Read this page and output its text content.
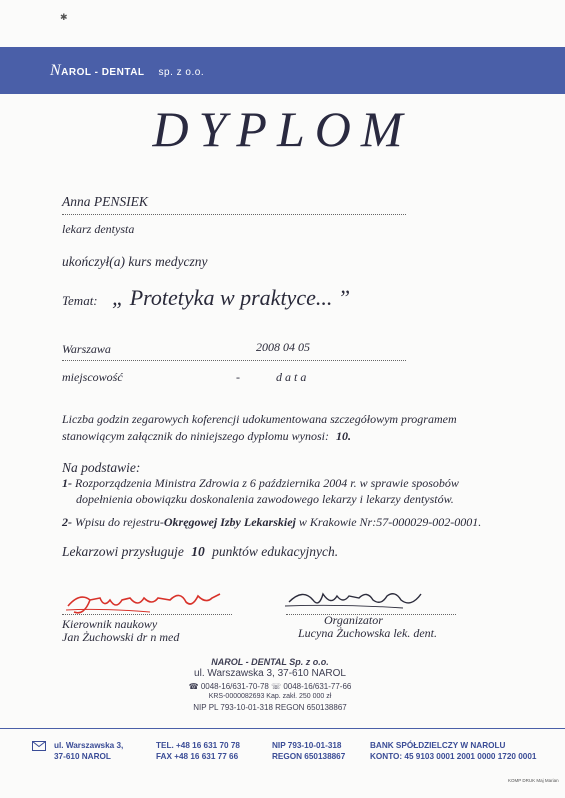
✱
NAROL - DENTAL sp. z o.o.
DYPLOM
Anna PENSIEK
lekarz dentysta
ukończył(a) kurs medyczny
Temat: „ Protetyka w praktyce... ”
Warszawa	2008 04 05
miejscowość	-	d a t a
Liczba godzin zegarowych koferencji udokumentowana szczegółowym programem
stanowiącym załącznik do niniejszego dyplomu wynosi: 10.
Na podstawie:
1- Rozporządzenia Ministra Zdrowia z 6 października 2004 r. w sprawie sposobów
dopełnienia obowiązku doskonalenia zawodowego lekarzy i lekarzy dentystów.
2- Wpisu do rejestru-Okręgowej Izby Lekarskiej w Krakowie Nr:57-000029-002-0001.
Lekarzowi przysługuje 10 punktów edukacyjnych.
Kierownik naukowy
Jan Żuchowski dr n med
Organizator
Lucyna Żuchowska lek. dent.
NAROL - DENTAL Sp. z o.o.
ul. Warszawska 3, 37-610 NAROL
☎ 0048-16/631-70-78 ☏ 0048-16/631-77-66
KRS-0000082693 Kap. zakł. 250 000 zł
NIP PL 793-10-01-318 REGON 650138867
ul. Warszawska 3,
37-610 NAROL
TEL. +48 16 631 70 78
FAX +48 16 631 77 66
NIP 793-10-01-318
REGON 650138867
BANK SPÓŁDZIELCZY W NAROLU
KONTO: 45 9103 0001 2001 0000 1720 0001
KOMP DRUK Maj Marian
